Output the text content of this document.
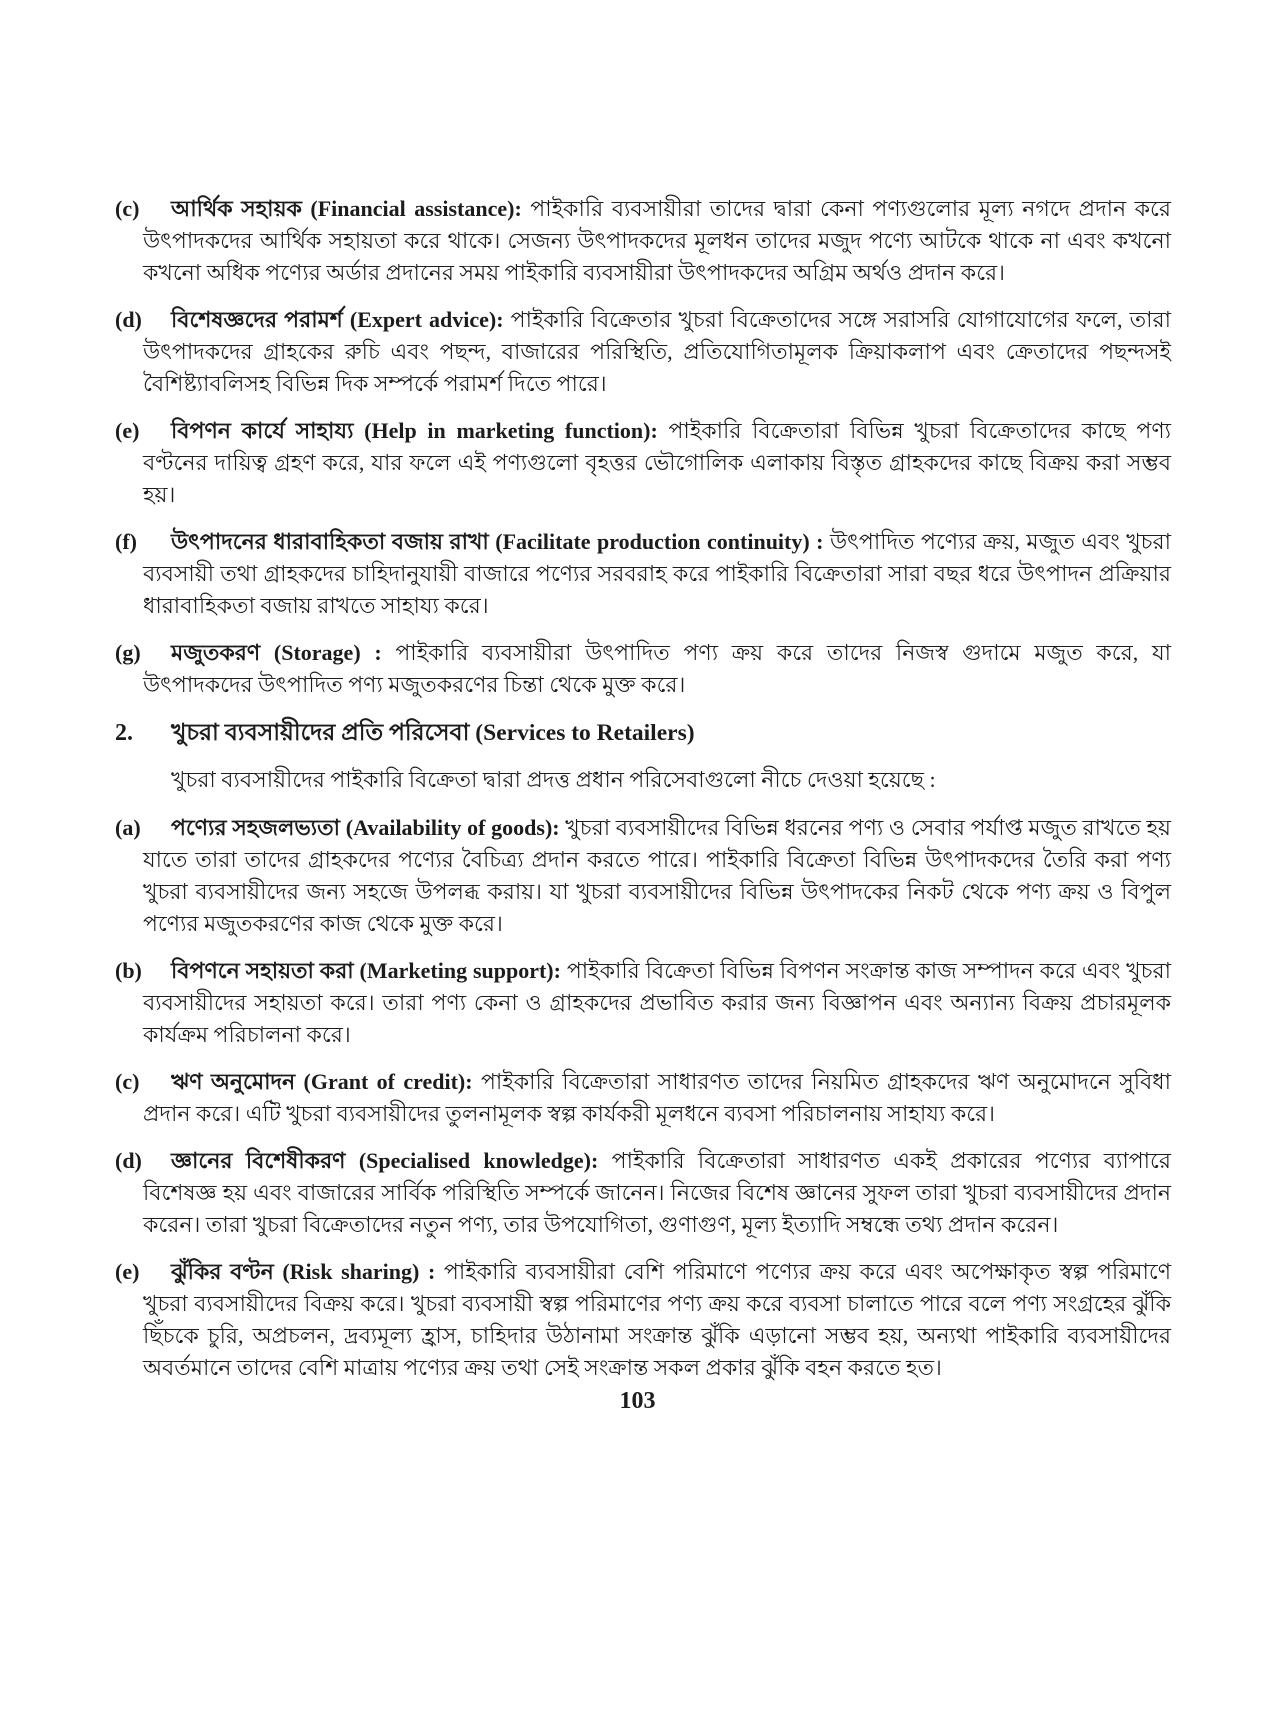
(c)	আর্থিক সহায়ক (Financial assistance): পাইকারি ব্যবসায়ীরা তাদের দ্বারা কেনা পণ্যগুলোর মূল্য নগদে প্রদান করে উৎপাদকদের আর্থিক সহায়তা করে থাকে। সেজন্য উৎপাদকদের মূলধন তাদের মজুদ পণ্যে আটকে থাকে না এবং কখনো কখনো অধিক পণ্যের অর্ডার প্রদানের সময় পাইকারি ব্যবসায়ীরা উৎপাদকদের অগ্রিম অর্থও প্রদান করে।

(d)	বিশেষজ্ঞদের পরামর্শ (Expert advice): পাইকারি বিক্রেতার খুচরা বিক্রেতাদের সঙ্গে সরাসরি যোগাযোগের ফলে, তারা উৎপাদকদের গ্রাহকের রুচি এবং পছন্দ, বাজারের পরিস্থিতি, প্রতিযোগিতামূলক ক্রিয়াকলাপ এবং ক্রেতাদের পছন্দসই বৈশিষ্ট্যাবলিসহ বিভিন্ন দিক সম্পর্কে পরামর্শ দিতে পারে।

(e)	বিপণন কার্যে সাহায্য (Help in marketing function): পাইকারি বিক্রেতারা বিভিন্ন খুচরা বিক্রেতাদের কাছে পণ্য বণ্টনের দায়িত্ব গ্রহণ করে, যার ফলে এই পণ্যগুলো বৃহত্তর ভৌগোলিক এলাকায় বিস্তৃত গ্রাহকদের কাছে বিক্রয় করা সম্ভব হয়।

(f)	উৎপাদনের ধারাবাহিকতা বজায় রাখা (Facilitate production continuity) : উৎপাদিত পণ্যের ক্রয়, মজুত এবং খুচরা ব্যবসায়ী তথা গ্রাহকদের চাহিদানুযায়ী বাজারে পণ্যের সরবরাহ করে পাইকারি বিক্রেতারা সারা বছর ধরে উৎপাদন প্রক্রিয়ার ধারাবাহিকতা বজায় রাখতে সাহায্য করে।

(g)	মজুতকরণ (Storage) : পাইকারি ব্যবসায়ীরা উৎপাদিত পণ্য ক্রয় করে তাদের নিজস্ব গুদামে মজুত করে, যা উৎপাদকদের উৎপাদিত পণ্য মজুতকরণের চিন্তা থেকে মুক্ত করে।

2. খুচরা ব্যবসায়ীদের প্রতি পরিসেবা (Services to Retailers)

খুচরা ব্যবসায়ীদের পাইকারি বিক্রেতা দ্বারা প্রদত্ত প্রধান পরিসেবাগুলো নীচে দেওয়া হয়েছে :

(a)	পণ্যের সহজলভ্যতা (Availability of goods): খুচরা ব্যবসায়ীদের বিভিন্ন ধরনের পণ্য ও সেবার পর্যাপ্ত মজুত রাখতে হয় যাতে তারা তাদের গ্রাহকদের পণ্যের বৈচিত্র্য প্রদান করতে পারে। পাইকারি বিক্রেতা বিভিন্ন উৎপাদকদের তৈরি করা পণ্য খুচরা ব্যবসায়ীদের জন্য সহজে উপলব্ধ করায়। যা খুচরা ব্যবসায়ীদের বিভিন্ন উৎপাদকের নিকট থেকে পণ্য ক্রয় ও বিপুল পণ্যের মজুতকরণের কাজ থেকে মুক্ত করে।

(b)	বিপণনে সহায়তা করা (Marketing support): পাইকারি বিক্রেতা বিভিন্ন বিপণন সংক্রান্ত কাজ সম্পাদন করে এবং খুচরা ব্যবসায়ীদের সহায়তা করে। তারা পণ্য কেনা ও গ্রাহকদের প্রভাবিত করার জন্য বিজ্ঞাপন এবং অন্যান্য বিক্রয় প্রচারমূলক কার্যক্রম পরিচালনা করে।

(c)	ঋণ অনুমোদন (Grant of credit): পাইকারি বিক্রেতারা সাধারণত তাদের নিয়মিত গ্রাহকদের ঋণ অনুমোদনে সুবিধা প্রদান করে। এটি খুচরা ব্যবসায়ীদের তুলনামূলক স্বল্প কার্যকরী মূলধনে ব্যবসা পরিচালনায় সাহায্য করে।

(d)	জ্ঞানের বিশেষীকরণ (Specialised knowledge): পাইকারি বিক্রেতারা সাধারণত একই প্রকারের পণ্যের ব্যাপারে বিশেষজ্ঞ হয় এবং বাজারের সার্বিক পরিস্থিতি সম্পর্কে জানেন। নিজের বিশেষ জ্ঞানের সুফল তারা খুচরা ব্যবসায়ীদের প্রদান করেন। তারা খুচরা বিক্রেতাদের নতুন পণ্য, তার উপযোগিতা, গুণাগুণ, মূল্য ইত্যাদি সম্বন্ধে তথ্য প্রদান করেন।

(e)	ঝুঁকির বণ্টন (Risk sharing) : পাইকারি ব্যবসায়ীরা বেশি পরিমাণে পণ্যের ক্রয় করে এবং অপেক্ষাকৃত স্বল্প পরিমাণে খুচরা ব্যবসায়ীদের বিক্রয় করে। খুচরা ব্যবসায়ী স্বল্প পরিমাণের পণ্য ক্রয় করে ব্যবসা চালাতে পারে বলে পণ্য সংগ্রহের ঝুঁকি ছিঁচকে চুরি, অপ্রচলন, দ্রব্যমূল্য হ্রাস, চাহিদার উঠানামা সংক্রান্ত ঝুঁকি এড়ানো সম্ভব হয়, অন্যথা পাইকারি ব্যবসায়ীদের অবর্তমানে তাদের বেশি মাত্রায় পণ্যের ক্রয় তথা সেই সংক্রান্ত সকল প্রকার ঝুঁকি বহন করতে হত।

103
